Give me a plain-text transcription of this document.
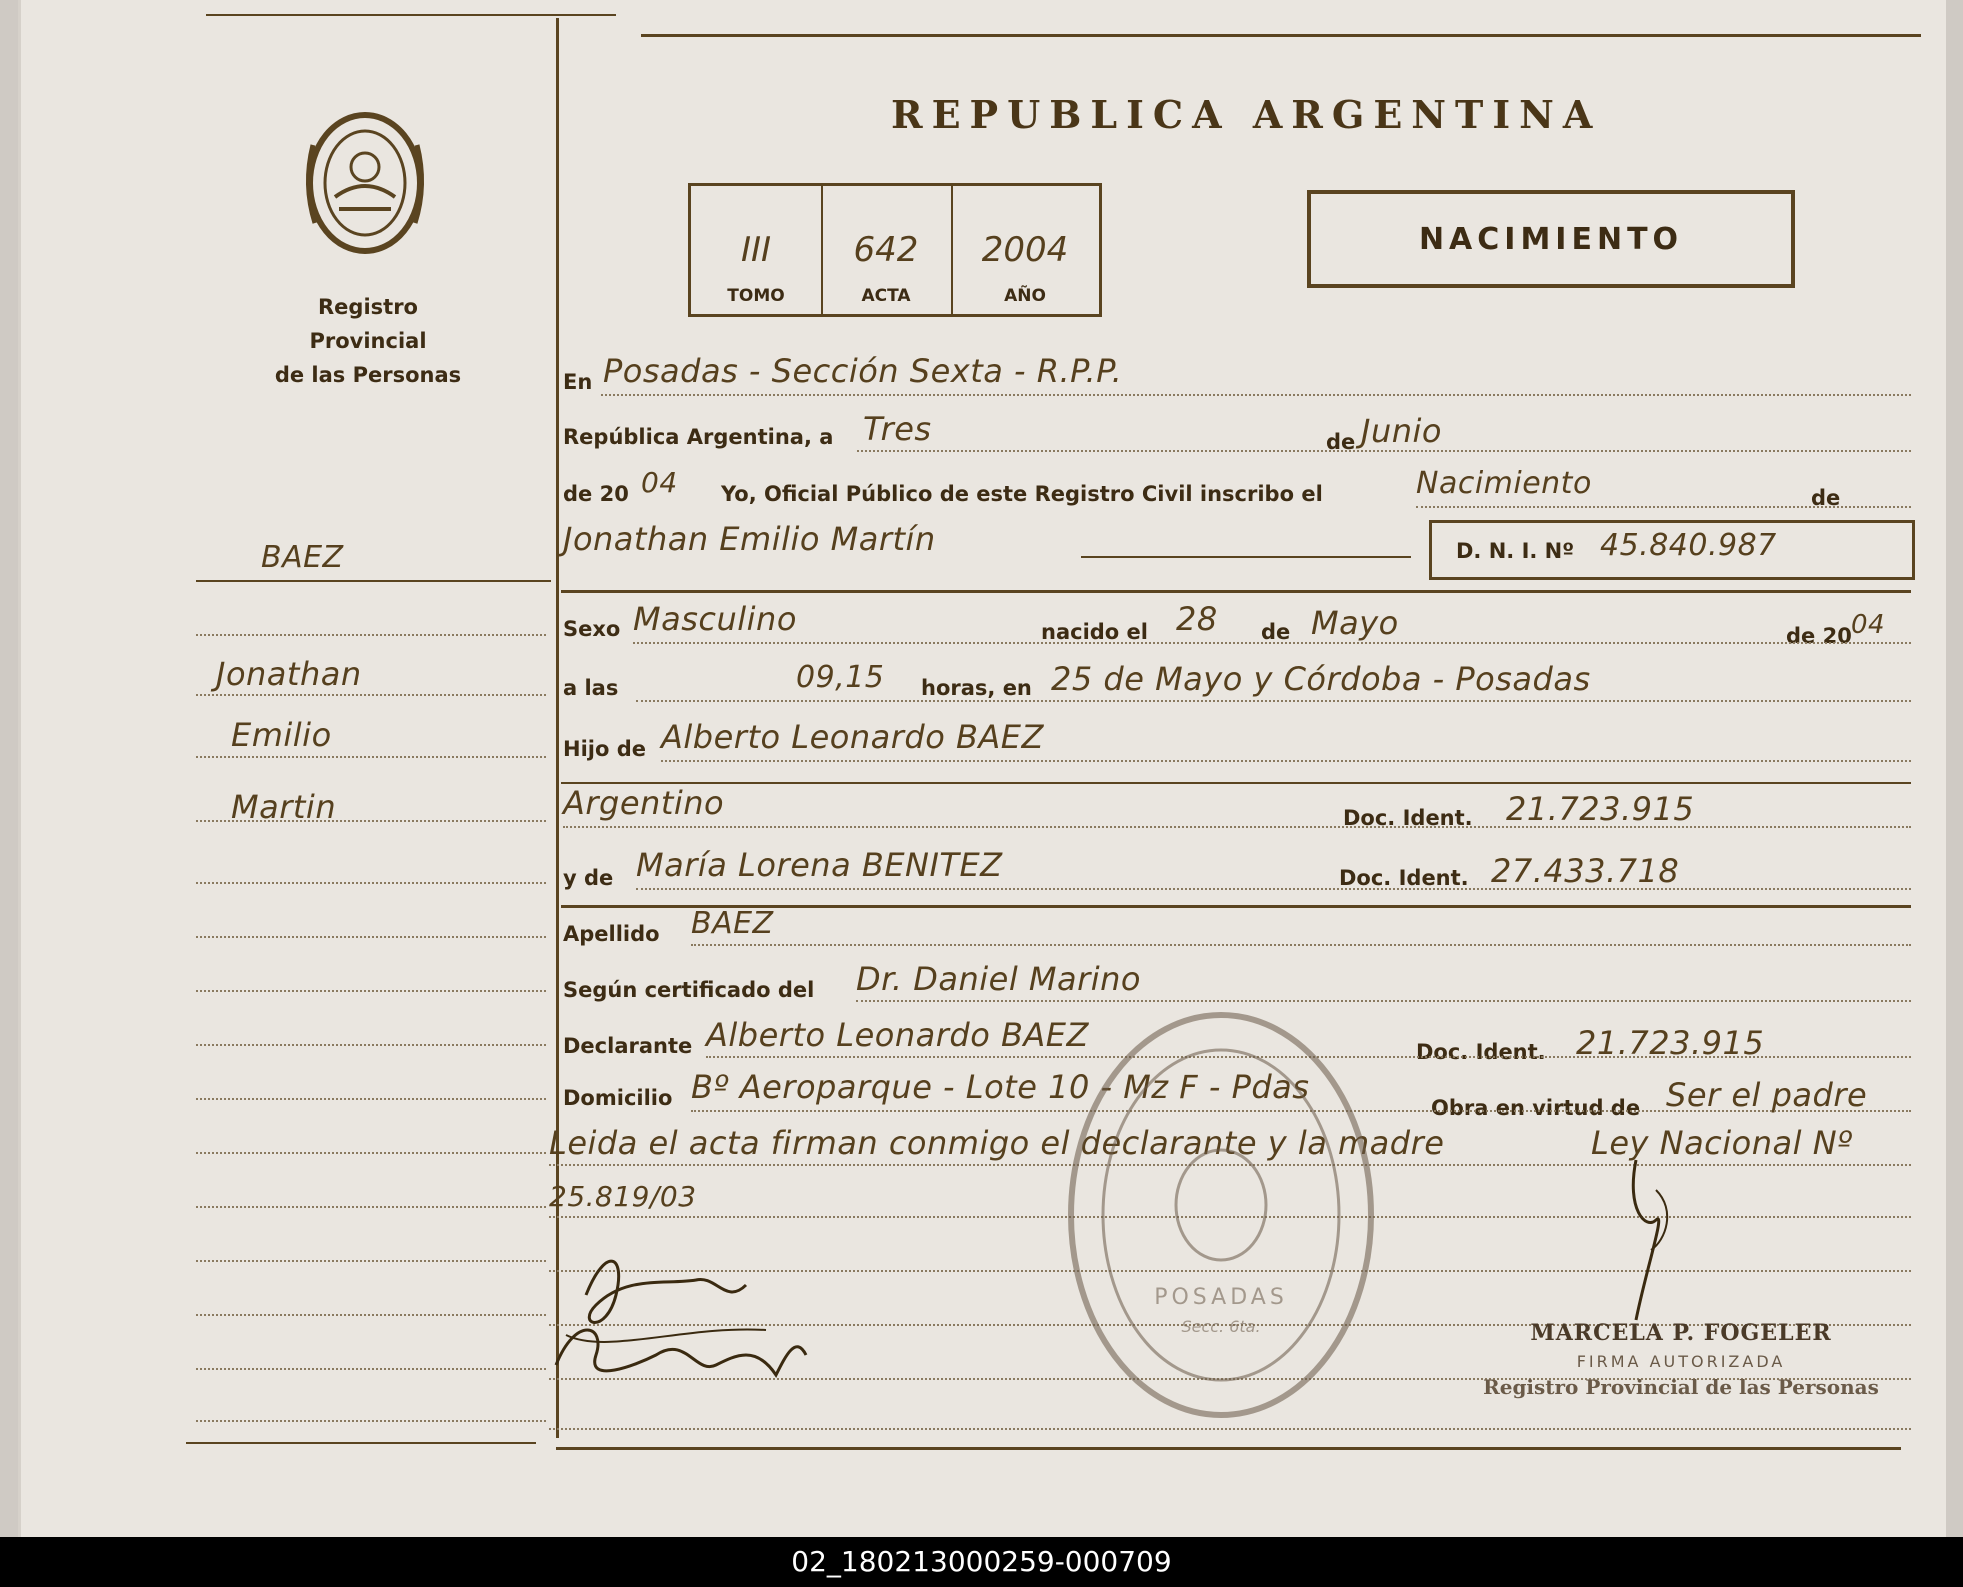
Registro Provincial
de las Personas
REPUBLICA ARGENTINA
III
TOMO
642
ACTA
2004
AÑO
NACIMIENTO
BAEZ
Jonathan
Emilio
Martin
En Posadas - Sección Sexta - R.P.P.
República Argentina, a Tres	de Junio
de 20 04 Yo, Oficial Público de este Registro Civil inscribo el	Nacimiento	de
Jonathan Emilio Martín	D. N. I. Nº 45.840.987
Sexo Masculino	nacido el 28 de Mayo	de 20 04
a las	09,15 horas, en 25 de Mayo y Córdoba - Posadas
Hijo de Alberto Leonardo BAEZ
Argentino	Doc. Ident. 21.723.915
y de María Lorena BENITEZ	Doc. Ident. 27.433.718
Apellido BAEZ
Según certificado del Dr. Daniel Marino
Declarante Alberto Leonardo BAEZ	Doc. Ident. 21.723.915
Domicilio Bº Aeroparque - Lote 10 - Mz F - Pdas
Obra en virtud de Ser el padre
Leida el acta firman conmigo el declarante y la madre	Ley Nacional Nº
25.819/03
POSADAS
Secc. 6ta.	MARCELA P. FOGELER
FIRMA AUTORIZADA
Registro Provincial de las Personas
02_180213000259-000709
